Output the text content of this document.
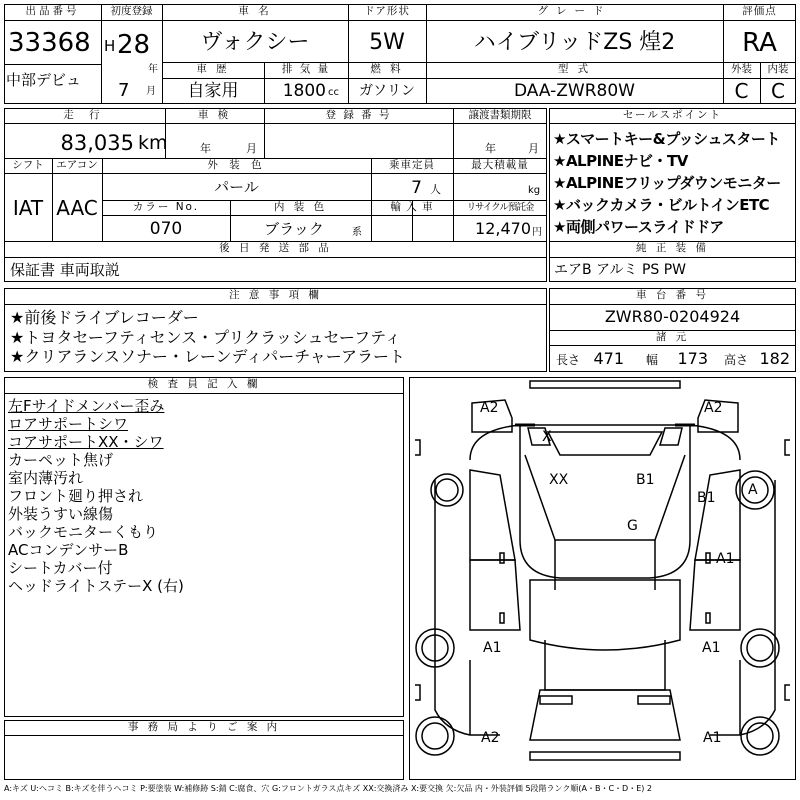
出品番号	初度登録	車 名	ドア形状	グレード	評価点
33368
中部デビュ
H 28
年
7	月
ヴォクシー	5W	ハイブリッドZS 煌2	RA
車 歴	排 気 量	燃 料	型 式	外装	内装
自家用	1800 cc	ガソリン	DAA-ZWR80W	C	C
走 行	車 検	登 録 番 号	譲渡書類期限
83,035 km	年	月	年	月
シフト	エアコン	外 装 色	乗車定員	最大積載量
IAT AAC
パール	7 人	kg
カラー No.	内 装 色	輸 入 車	リサイクル預託金
070	ブラック	系	12,470 円
後 日 発 送 部 品
保証書 車両取説
セールスポイント
★スマートキー&プッシュスタート
★ALPINEナビ・TV
★ALPINEフリップダウンモニター
★バックカメラ・ビルトインETC
★両側パワースライドドア
純 正 装 備
エアB アルミ PS PW
注 意 事 項 欄
★前後ドライブレコーダー
★トヨタセーフティセンス・プリクラッシュセーフティ
★クリアランスソナー・レーンディパーチャーアラート
車 台 番 号
ZWR80-0204924
諸 元
長さ 471 幅	173 高さ 182
検 査 員 記 入 欄
左Fサイドメンバー歪み
ロアサポートシワ
コアサポートXX・シワ
カーペット焦げ
室内薄汚れ
フロント廻り押され
外装うすい線傷
バックモニターくもり
ACコンデンサーB
シートカバー付
ヘッドライトステーX (右)
事 務 局 よ り ご 案 内
A2	A2
X
XX	B1
B1	A
G
A1
A1	A1
A2	A1
A:キズ U:ヘコミ B:キズを伴うヘコミ P:要塗装 W:補修跡 S:錆 C:腐食、穴 G:フロントガラス点キズ XX:交換済み X:要交換 欠:欠品 内・外装評価 5段階ランク順(A・B・C・D・E) 2
